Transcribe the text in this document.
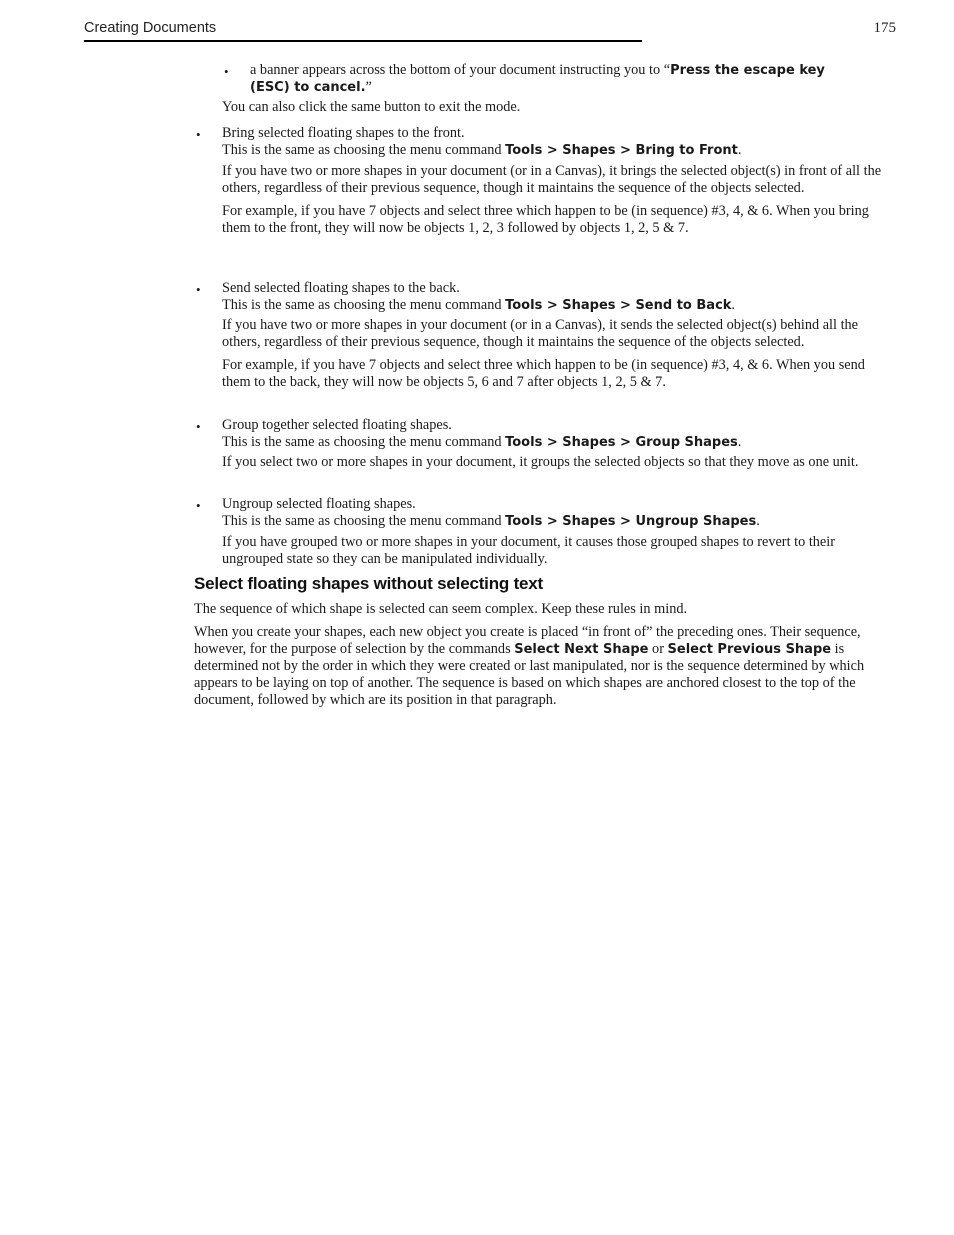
Creating Documents	175
• a banner appears across the bottom of your document instructing you to “Press the escape key (ESC) to cancel.”

You can also click the same button to exit the mode.

• Bring selected floating shapes to the front.

This is the same as choosing the menu command Tools > Shapes > Bring to Front.

If you have two or more shapes in your document (or in a Canvas), it brings the selected object(s) in front of all the others, regardless of their previous sequence, though it maintains the sequence of the objects selected.

For example, if you have 7 objects and select three which happen to be (in sequence) #3, 4, & 6. When you bring them to the front, they will now be objects 1, 2, 3 followed by objects 1, 2, 5 & 7.

• Send selected floating shapes to the back.

This is the same as choosing the menu command Tools > Shapes > Send to Back.

If you have two or more shapes in your document (or in a Canvas), it sends the selected object(s) behind all the others, regardless of their previous sequence, though it maintains the sequence of the objects selected.

For example, if you have 7 objects and select three which happen to be (in sequence) #3, 4, & 6. When you send them to the back, they will now be objects 5, 6 and 7 after objects 1, 2, 5 & 7.

• Group together selected floating shapes.

This is the same as choosing the menu command Tools > Shapes > Group Shapes.

If you select two or more shapes in your document, it groups the selected objects so that they move as one unit.

• Ungroup selected floating shapes.

This is the same as choosing the menu command Tools > Shapes > Ungroup Shapes.

If you have grouped two or more shapes in your document, it causes those grouped shapes to revert to their ungrouped state so they can be manipulated individually.

Select floating shapes without selecting text

The sequence of which shape is selected can seem complex. Keep these rules in mind.

When you create your shapes, each new object you create is placed “in front of” the preceding ones. Their sequence, however, for the purpose of selection by the commands Select Next Shape or Select Previous Shape is determined not by the order in which they were created or last manipulated, nor is the sequence determined by which appears to be laying on top of another. The sequence is based on which shapes are anchored closest to the top of the document, followed by which are its position in that paragraph.
